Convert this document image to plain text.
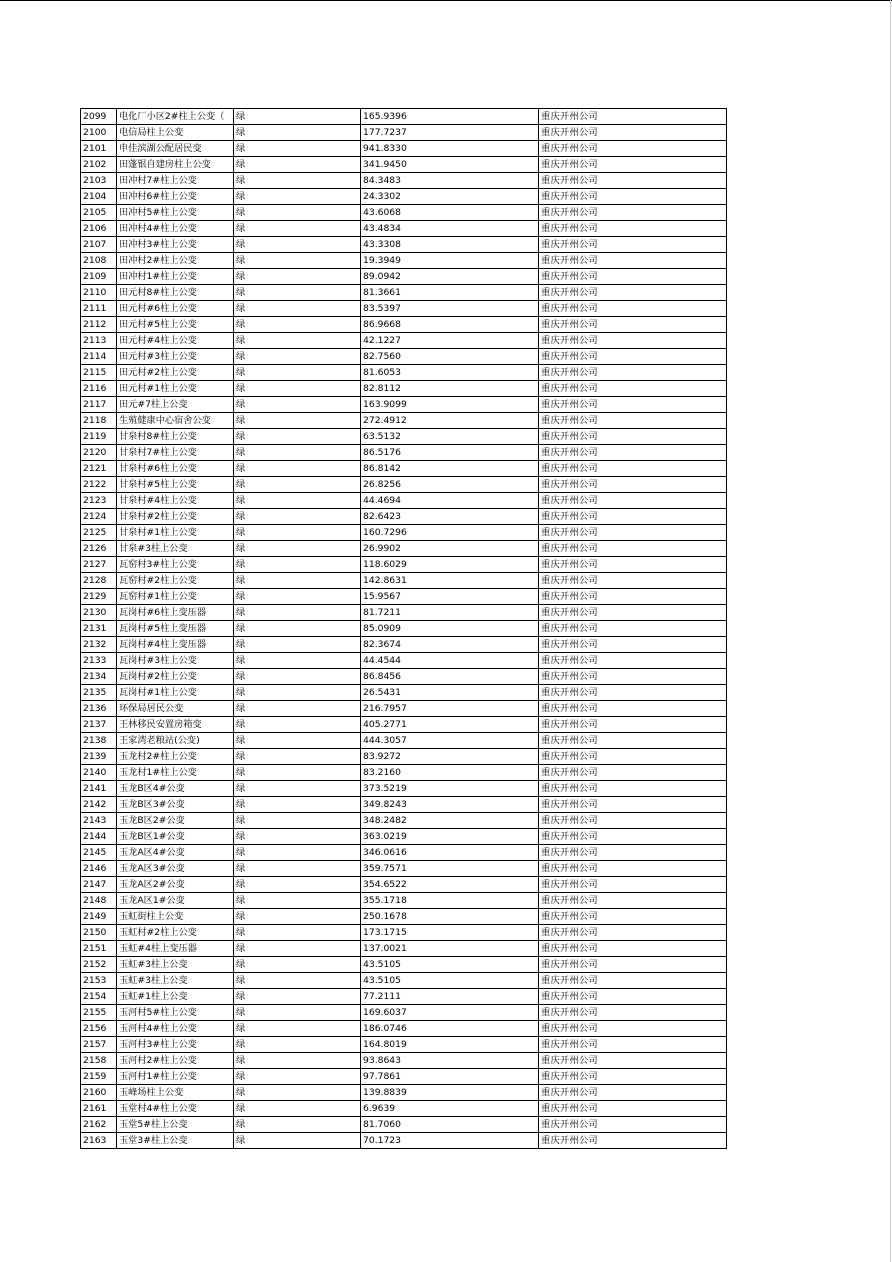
2099	电化厂小区2#柱上公变（	绿	165.9396	重庆开州公司
2100	电信局柱上公变	绿	177.7237	重庆开州公司
2101	申佳滨湖公配居民变	绿	941.8330	重庆开州公司
2102	田蓬银自建房柱上公变	绿	341.9450	重庆开州公司
2103	田冲村7#柱上公变	绿	84.3483	重庆开州公司
2104	田冲村6#柱上公变	绿	24.3302	重庆开州公司
2105	田冲村5#柱上公变	绿	43.6068	重庆开州公司
2106	田冲村4#柱上公变	绿	43.4834	重庆开州公司
2107	田冲村3#柱上公变	绿	43.3308	重庆开州公司
2108	田冲村2#柱上公变	绿	19.3949	重庆开州公司
2109	田冲村1#柱上公变	绿	89.0942	重庆开州公司
2110	田元村8#柱上公变	绿	81.3661	重庆开州公司
2111	田元村#6柱上公变	绿	83.5397	重庆开州公司
2112	田元村#5柱上公变	绿	86.9668	重庆开州公司
2113	田元村#4柱上公变	绿	42.1227	重庆开州公司
2114	田元村#3柱上公变	绿	82.7560	重庆开州公司
2115	田元村#2柱上公变	绿	81.6053	重庆开州公司
2116	田元村#1柱上公变	绿	82.8112	重庆开州公司
2117	田元#7柱上公变	绿	163.9099	重庆开州公司
2118	生殖健康中心宿舍公变	绿	272.4912	重庆开州公司
2119	甘泉村8#柱上公变	绿	63.5132	重庆开州公司
2120	甘泉村7#柱上公变	绿	86.5176	重庆开州公司
2121	甘泉村#6柱上公变	绿	86.8142	重庆开州公司
2122	甘泉村#5柱上公变	绿	26.8256	重庆开州公司
2123	甘泉村#4柱上公变	绿	44.4694	重庆开州公司
2124	甘泉村#2柱上公变	绿	82.6423	重庆开州公司
2125	甘泉村#1柱上公变	绿	160.7296	重庆开州公司
2126	甘泉#3柱上公变	绿	26.9902	重庆开州公司
2127	瓦窑村3#柱上公变	绿	118.6029	重庆开州公司
2128	瓦窑村#2柱上公变	绿	142.8631	重庆开州公司
2129	瓦窑村#1柱上公变	绿	15.9567	重庆开州公司
2130	瓦岗村#6柱上变压器	绿	81.7211	重庆开州公司
2131	瓦岗村#5柱上变压器	绿	85.0909	重庆开州公司
2132	瓦岗村#4柱上变压器	绿	82.3674	重庆开州公司
2133	瓦岗村#3柱上公变	绿	44.4544	重庆开州公司
2134	瓦岗村#2柱上公变	绿	86.8456	重庆开州公司
2135	瓦岗村#1柱上公变	绿	26.5431	重庆开州公司
2136	环保局居民公变	绿	216.7957	重庆开州公司
2137	王林移民安置房箱变	绿	405.2771	重庆开州公司
2138	王家湾老粮站(公变)	绿	444.3057	重庆开州公司
2139	玉龙村2#柱上公变	绿	83.9272	重庆开州公司
2140	玉龙村1#柱上公变	绿	83.2160	重庆开州公司
2141	玉龙B区4#公变	绿	373.5219	重庆开州公司
2142	玉龙B区3#公变	绿	349.8243	重庆开州公司
2143	玉龙B区2#公变	绿	348.2482	重庆开州公司
2144	玉龙B区1#公变	绿	363.0219	重庆开州公司
2145	玉龙A区4#公变	绿	346.0616	重庆开州公司
2146	玉龙A区3#公变	绿	359.7571	重庆开州公司
2147	玉龙A区2#公变	绿	354.6522	重庆开州公司
2148	玉龙A区1#公变	绿	355.1718	重庆开州公司
2149	玉虹街柱上公变	绿	250.1678	重庆开州公司
2150	玉虹村#2柱上公变	绿	173.1715	重庆开州公司
2151	玉虹#4柱上变压器	绿	137.0021	重庆开州公司
2152	玉虹#3柱上公变	绿	43.5105	重庆开州公司
2153	玉虹#3柱上公变	绿	43.5105	重庆开州公司
2154	玉虹#1柱上公变	绿	77.2111	重庆开州公司
2155	玉河村5#柱上公变	绿	169.6037	重庆开州公司
2156	玉河村4#柱上公变	绿	186.0746	重庆开州公司
2157	玉河村3#柱上公变	绿	164.8019	重庆开州公司
2158	玉河村2#柱上公变	绿	93.8643	重庆开州公司
2159	玉河村1#柱上公变	绿	97.7861	重庆开州公司
2160	玉峰场柱上公变	绿	139.8839	重庆开州公司
2161	玉堂村4#柱上公变	绿	6.9639	重庆开州公司
2162	玉堂5#柱上公变	绿	81.7060	重庆开州公司
2163	玉堂3#柱上公变	绿	70.1723	重庆开州公司
